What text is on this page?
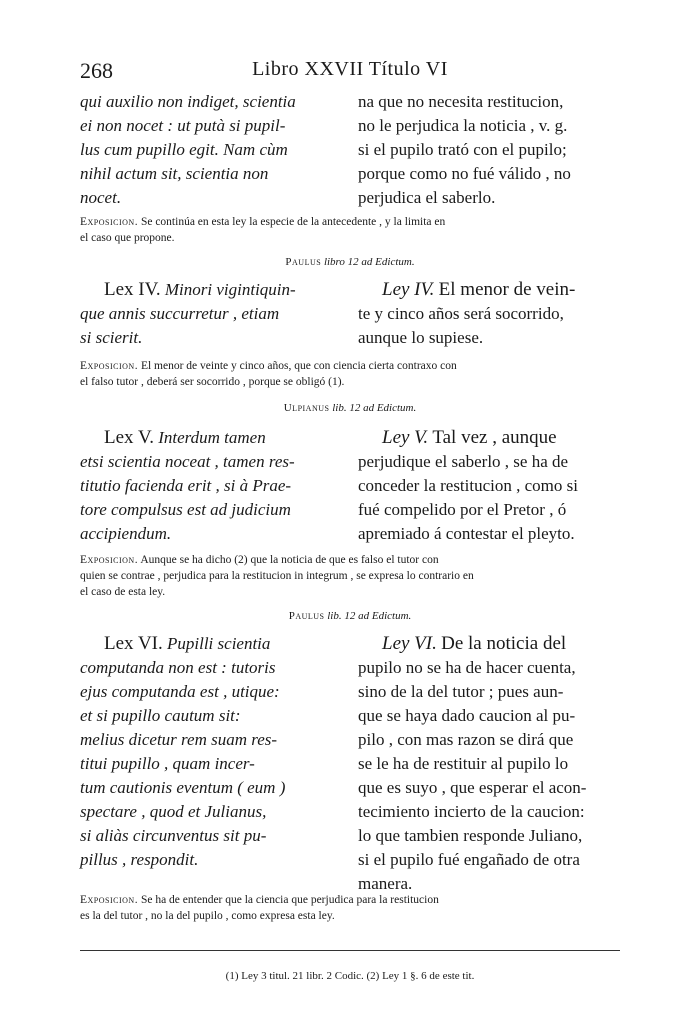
268	Libro XXVII Título VI

qui auxilio non indiget, scientia
ei non nocet : ut putà si pupil-
lus cum pupillo egit. Nam cùm
nihil actum sit, scientia non
nocet.

na que no necesita restitucion,
no le perjudica la noticia , v. g.
si el pupilo trató con el pupilo;
porque como no fué válido , no
perjudica el saberlo.

Exposicion. Se continúa en esta ley la especie de la antecedente , y la limita en
el caso que propone.

Paulus libro 12 ad Edictum.

Lex IV. Minori vigintiquin-

que annis succurretur , etiam
si scierit.

Ley IV. El menor de vein-

te y cinco años será socorrido,
aunque lo supiese.

Exposicion. El menor de veinte y cinco años, que con ciencia cierta contraxo con
el falso tutor , deberá ser socorrido , porque se obligó (1).

Ulpianus lib. 12 ad Edictum.

Lex V. Interdum tamen

etsi scientia noceat , tamen res-
titutio facienda erit , si à Prae-
tore compulsus est ad judicium
accipiendum.

Ley V. Tal vez , aunque

perjudique el saberlo , se ha de
conceder la restitucion , como si
fué compelido por el Pretor , ó
apremiado á contestar el pleyto.

Exposicion. Aunque se ha dicho (2) que la noticia de que es falso el tutor con
quien se contrae , perjudica para la restitucion in integrum , se expresa lo contrario en
el caso de esta ley.

Paulus lib. 12 ad Edictum.

Lex VI. Pupilli scientia

computanda non est : tutoris
ejus computanda est , utique:
et si pupillo cautum sit:
melius dicetur rem suam res-
titui pupillo , quam incer-
tum cautionis eventum ( eum )
spectare , quod et Julianus,
si aliàs circunventus sit pu-
pillus , respondit.

Ley VI. De la noticia del

pupilo no se ha de hacer cuenta,
sino de la del tutor ; pues aun-
que se haya dado caucion al pu-
pilo , con mas razon se dirá que
se le ha de restituir al pupilo lo
que es suyo , que esperar el acon-
tecimiento incierto de la caucion:
lo que tambien responde Juliano,
si el pupilo fué engañado de otra
manera.

Exposicion. Se ha de entender que la ciencia que perjudica para la restitucion
es la del tutor , no la del pupilo , como expresa esta ley.

(1) Ley 3 titul. 21 libr. 2 Codic. (2) Ley 1 §. 6 de este tit.
